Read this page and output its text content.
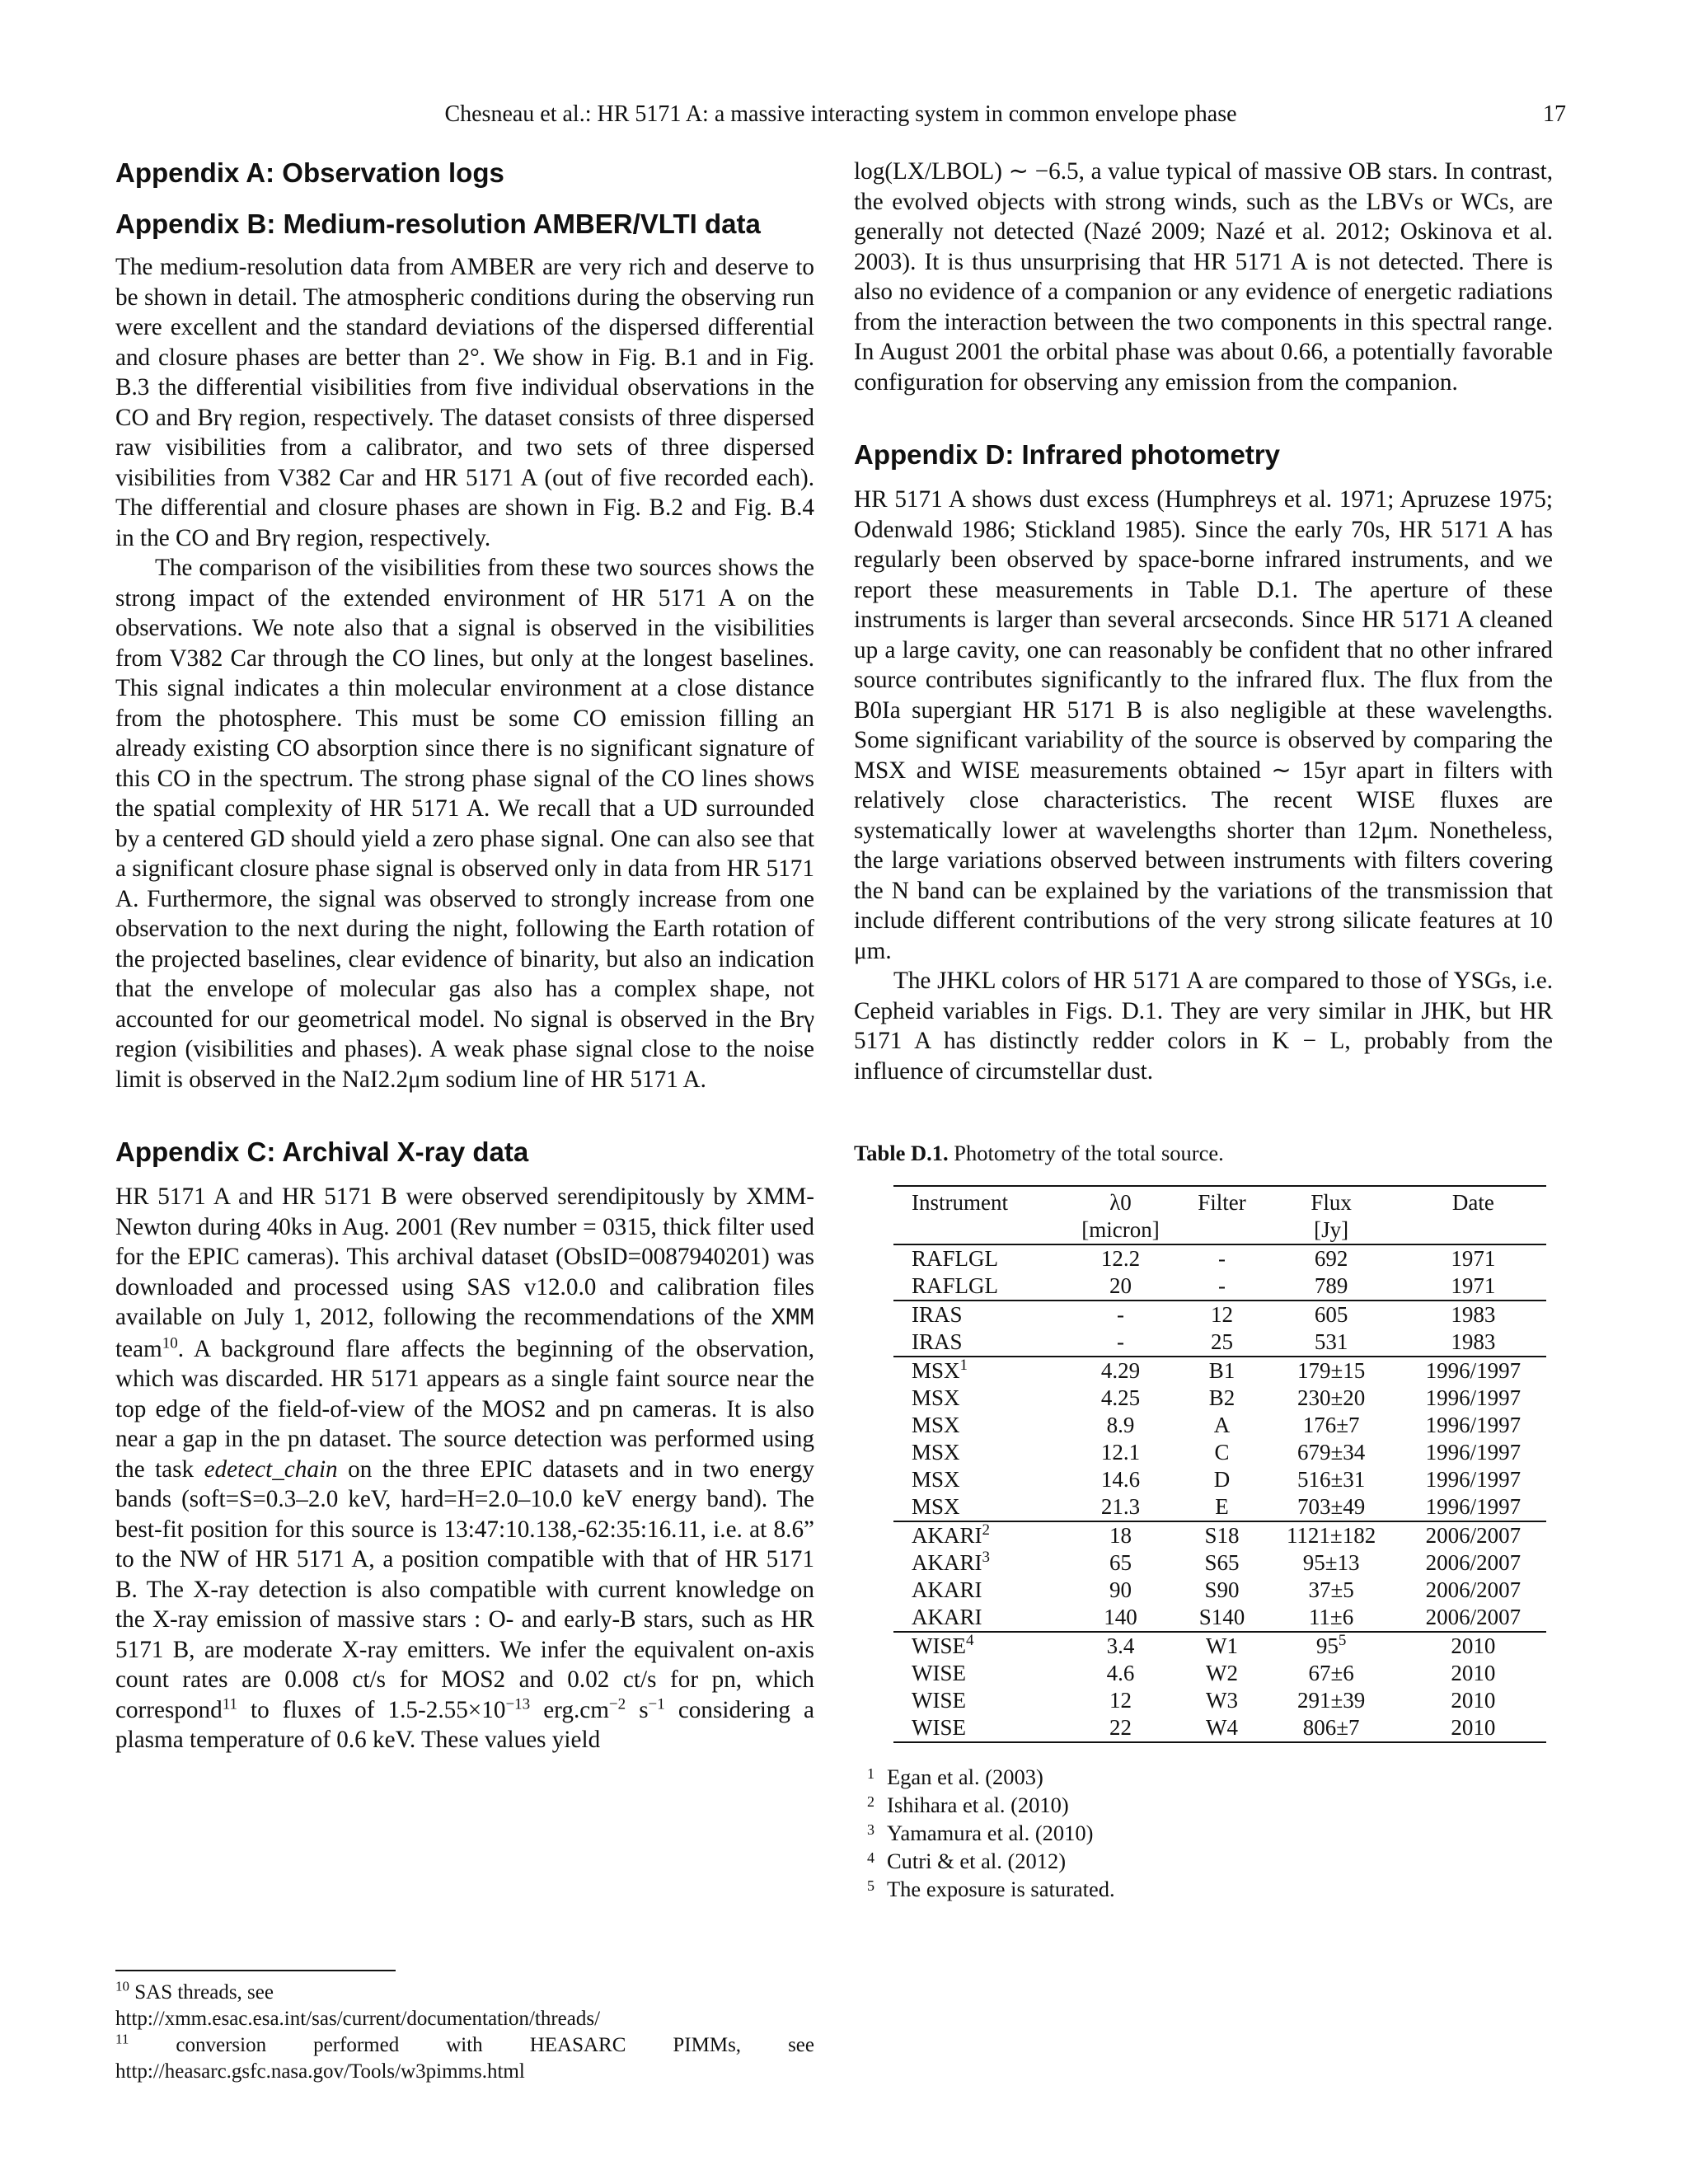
Chesneau et al.: HR 5171 A: a massive interacting system in common envelope phase	17
Appendix A: Observation logs
Appendix B: Medium-resolution AMBER/VLTI data

The medium-resolution data from AMBER are very rich and deserve to be shown in detail. The atmospheric conditions during the observing run were excellent and the standard deviations of the dispersed differential and closure phases are better than 2°. We show in Fig. B.1 and in Fig. B.3 the differential visibilities from five individual observations in the CO and Brγ region, respectively. The dataset consists of three dispersed raw visibilities from a calibrator, and two sets of three dispersed visibilities from V382 Car and HR 5171 A (out of five recorded each). The differential and closure phases are shown in Fig. B.2 and Fig. B.4 in the CO and Brγ region, respectively.

The comparison of the visibilities from these two sources shows the strong impact of the extended environment of HR 5171 A on the observations. We note also that a signal is observed in the visibilities from V382 Car through the CO lines, but only at the longest baselines. This signal indicates a thin molecular environment at a close distance from the photosphere. This must be some CO emission filling an already existing CO absorption since there is no significant signature of this CO in the spectrum. The strong phase signal of the CO lines shows the spatial complexity of HR 5171 A. We recall that a UD surrounded by a centered GD should yield a zero phase signal. One can also see that a significant closure phase signal is observed only in data from HR 5171 A. Furthermore, the signal was observed to strongly increase from one observation to the next during the night, following the Earth rotation of the projected baselines, clear evidence of binarity, but also an indication that the envelope of molecular gas also has a complex shape, not accounted for our geometrical model. No signal is observed in the Brγ region (visibilities and phases). A weak phase signal close to the noise limit is observed in the NaI2.2μm sodium line of HR 5171 A.

Appendix C: Archival X-ray data

HR 5171 A and HR 5171 B were observed serendipitously by XMM-Newton during 40ks in Aug. 2001 (Rev number = 0315, thick filter used for the EPIC cameras). This archival dataset (ObsID=0087940201) was downloaded and processed using SAS v12.0.0 and calibration files available on July 1, 2012, following the recommendations of the XMM team$^{10}$. A background flare affects the beginning of the observation, which was discarded. HR 5171 appears as a single faint source near the top edge of the field-of-view of the MOS2 and pn cameras. It is also near a gap in the pn dataset. The source detection was performed using the task edetect_chain on the three EPIC datasets and in two energy bands (soft=S=0.3–2.0 keV, hard=H=2.0–10.0 keV energy band). The best-fit position for this source is 13:47:10.138,-62:35:16.11, i.e. at 8.6” to the NW of HR 5171 A, a position compatible with that of HR 5171 B. The X-ray detection is also compatible with current knowledge on the X-ray emission of massive stars : O- and early-B stars, such as HR 5171 B, are moderate X-ray emitters. We infer the equivalent on-axis count rates are 0.008 ct/s for MOS2 and 0.02 ct/s for pn, which correspond$^{11}$ to fluxes of $1.5-2.55\times 10^{-13}$ $erg.cm^{-2}$ $s^{-1}$ considering a plasma temperature of 0.6 keV. These values yield

$^{10}$ SAS threads, see
http://xmm.esac.esa.int/sas/current/documentation/threads/
$^{11}$ conversion performed with HEASARC PIMMs, see http://heasarc.gsfc.nasa.gov/Tools/w3pimms.html

log(LX/LBOL) ∼ −6.5, a value typical of massive OB stars. In contrast, the evolved objects with strong winds, such as the LBVs or WCs, are generally not detected (Nazé 2009; Nazé et al. 2012; Oskinova et al. 2003). It is thus unsurprising that HR 5171 A is not detected. There is also no evidence of a companion or any evidence of energetic radiations from the interaction between the two components in this spectral range. In August 2001 the orbital phase was about 0.66, a potentially favorable configuration for observing any emission from the companion.

Appendix D: Infrared photometry

HR 5171 A shows dust excess (Humphreys et al. 1971; Apruzese 1975; Odenwald 1986; Stickland 1985). Since the early 70s, HR 5171 A has regularly been observed by space-borne infrared instruments, and we report these measurements in Table D.1. The aperture of these instruments is larger than several arcseconds. Since HR 5171 A cleaned up a large cavity, one can reasonably be confident that no other infrared source contributes significantly to the infrared flux. The flux from the B0Ia supergiant HR 5171 B is also negligible at these wavelengths. Some significant variability of the source is observed by comparing the MSX and WISE measurements obtained ∼ 15yr apart in filters with relatively close characteristics. The recent WISE fluxes are systematically lower at wavelengths shorter than 12μm. Nonetheless, the large variations observed between instruments with filters covering the N band can be explained by the variations of the transmission that include different contributions of the very strong silicate features at 10 μm.

The JHKL colors of HR 5171 A are compared to those of YSGs, i.e. Cepheid variables in Figs. D.1. They are very similar in JHK, but HR 5171 A has distinctly redder colors in K − L, probably from the influence of circumstellar dust.

Table D.1. Photometry of the total source.

Instrument	λ0	Filter	Flux	Date
	[micron]		[Jy]	
RAFLGL	12.2	-	692	1971
RAFLGL	20	-	789	1971
IRAS	-	12	605	1983
IRAS	-	25	531	1983
MSX$^1$	4.29	B1	179±15	1996/1997
MSX	4.25	B2	230±20	1996/1997
MSX	8.9	A	176±7	1996/1997
MSX	12.1	C	679±34	1996/1997
MSX	14.6	D	516±31	1996/1997
MSX	21.3	E	703±49	1996/1997
AKARI$^2$	18	S18	1121±182	2006/2007
AKARI$^3$	65	S65	95±13	2006/2007
AKARI	90	S90	37±5	2006/2007
AKARI	140	S140	11±6	2006/2007
WISE$^4$	3.4	W1	$95^5$	2010
WISE	4.6	W2	67±6	2010
WISE	12	W3	291±39	2010
WISE	22	W4	806±7	2010
1 Egan et al. (2003)
2 Ishihara et al. (2010)
3 Yamamura et al. (2010)
4 Cutri & et al. (2012)
5 The exposure is saturated.
